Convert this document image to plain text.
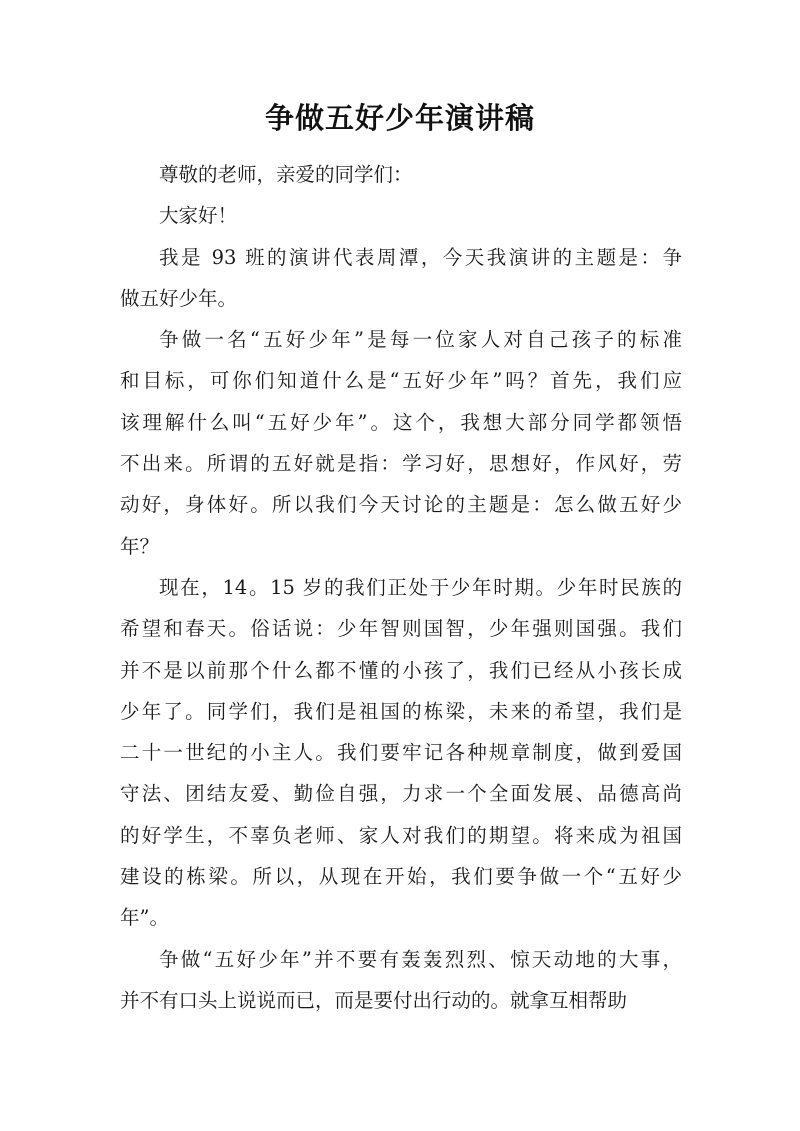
争做五好少年演讲稿
尊敬的老师，亲爱的同学们：
大家好！
我是 93 班的演讲代表周潭，今天我演讲的主题是：争
做五好少年。
争做一名“五好少年”是每一位家人对自己孩子的标准
和目标，可你们知道什么是“五好少年”吗？首先，我们应
该理解什么叫“五好少年”。这个，我想大部分同学都领悟
不出来。所谓的五好就是指：学习好，思想好，作风好，劳
动好，身体好。所以我们今天讨论的主题是：怎么做五好少
年？
现在，14。15 岁的我们正处于少年时期。少年时民族的
希望和春天。俗话说：少年智则国智，少年强则国强。我们
并不是以前那个什么都不懂的小孩了，我们已经从小孩长成
少年了。同学们，我们是祖国的栋梁，未来的希望，我们是
二十一世纪的小主人。我们要牢记各种规章制度，做到爱国
守法、团结友爱、勤俭自强，力求一个全面发展、品德高尚
的好学生，不辜负老师、家人对我们的期望。将来成为祖国
建设的栋梁。所以，从现在开始，我们要争做一个“五好少
年”。
争做“五好少年”并不要有轰轰烈烈、惊天动地的大事，
并不有口头上说说而已，而是要付出行动的。就拿互相帮助
